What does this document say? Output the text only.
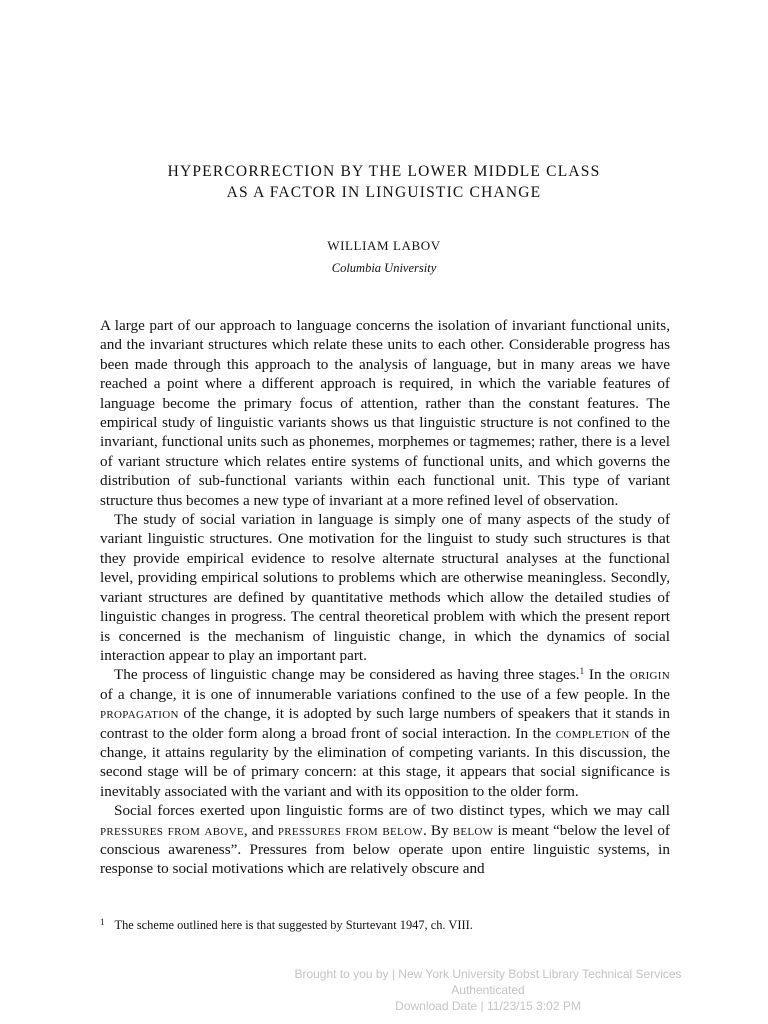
HYPERCORRECTION BY THE LOWER MIDDLE CLASS
AS A FACTOR IN LINGUISTIC CHANGE
WILLIAM LABOV
Columbia University

A large part of our approach to language concerns the isolation of invariant functional units, and the invariant structures which relate these units to each other. Considerable progress has been made through this approach to the analysis of language, but in many areas we have reached a point where a different approach is required, in which the variable features of language become the primary focus of attention, rather than the constant features. The empirical study of linguistic variants shows us that linguistic structure is not confined to the invariant, functional units such as phonemes, morphemes or tagmemes; rather, there is a level of variant structure which relates entire systems of functional units, and which governs the distribution of sub-functional variants within each functional unit. This type of variant structure thus becomes a new type of invariant at a more refined level of observation.

The study of social variation in language is simply one of many aspects of the study of variant linguistic structures. One motivation for the linguist to study such structures is that they provide empirical evidence to resolve alternate structural analyses at the functional level, providing empirical solutions to problems which are otherwise meaningless. Secondly, variant structures are defined by quantitative methods which allow the detailed studies of linguistic changes in progress. The central theoretical problem with which the present report is concerned is the mechanism of linguistic change, in which the dynamics of social interaction appear to play an important part.

The process of linguistic change may be considered as having three stages.$^1$ In the origin of a change, it is one of innumerable variations confined to the use of a few people. In the propagation of the change, it is adopted by such large numbers of speakers that it stands in contrast to the older form along a broad front of social interaction. In the completion of the change, it attains regularity by the elimination of competing variants. In this discussion, the second stage will be of primary concern: at this stage, it appears that social significance is inevitably associated with the variant and with its opposition to the older form.

Social forces exerted upon linguistic forms are of two distinct types, which we may call pressures from above, and pressures from below. By below is meant “below the level of conscious awareness”. Pressures from below operate upon entire linguistic systems, in response to social motivations which are relatively obscure and

$^1$ The scheme outlined here is that suggested by Sturtevant 1947, ch. VIII.
Brought to you by | New York University Bobst Library Technical Services
Authenticated
Download Date | 11/23/15 3:02 PM
